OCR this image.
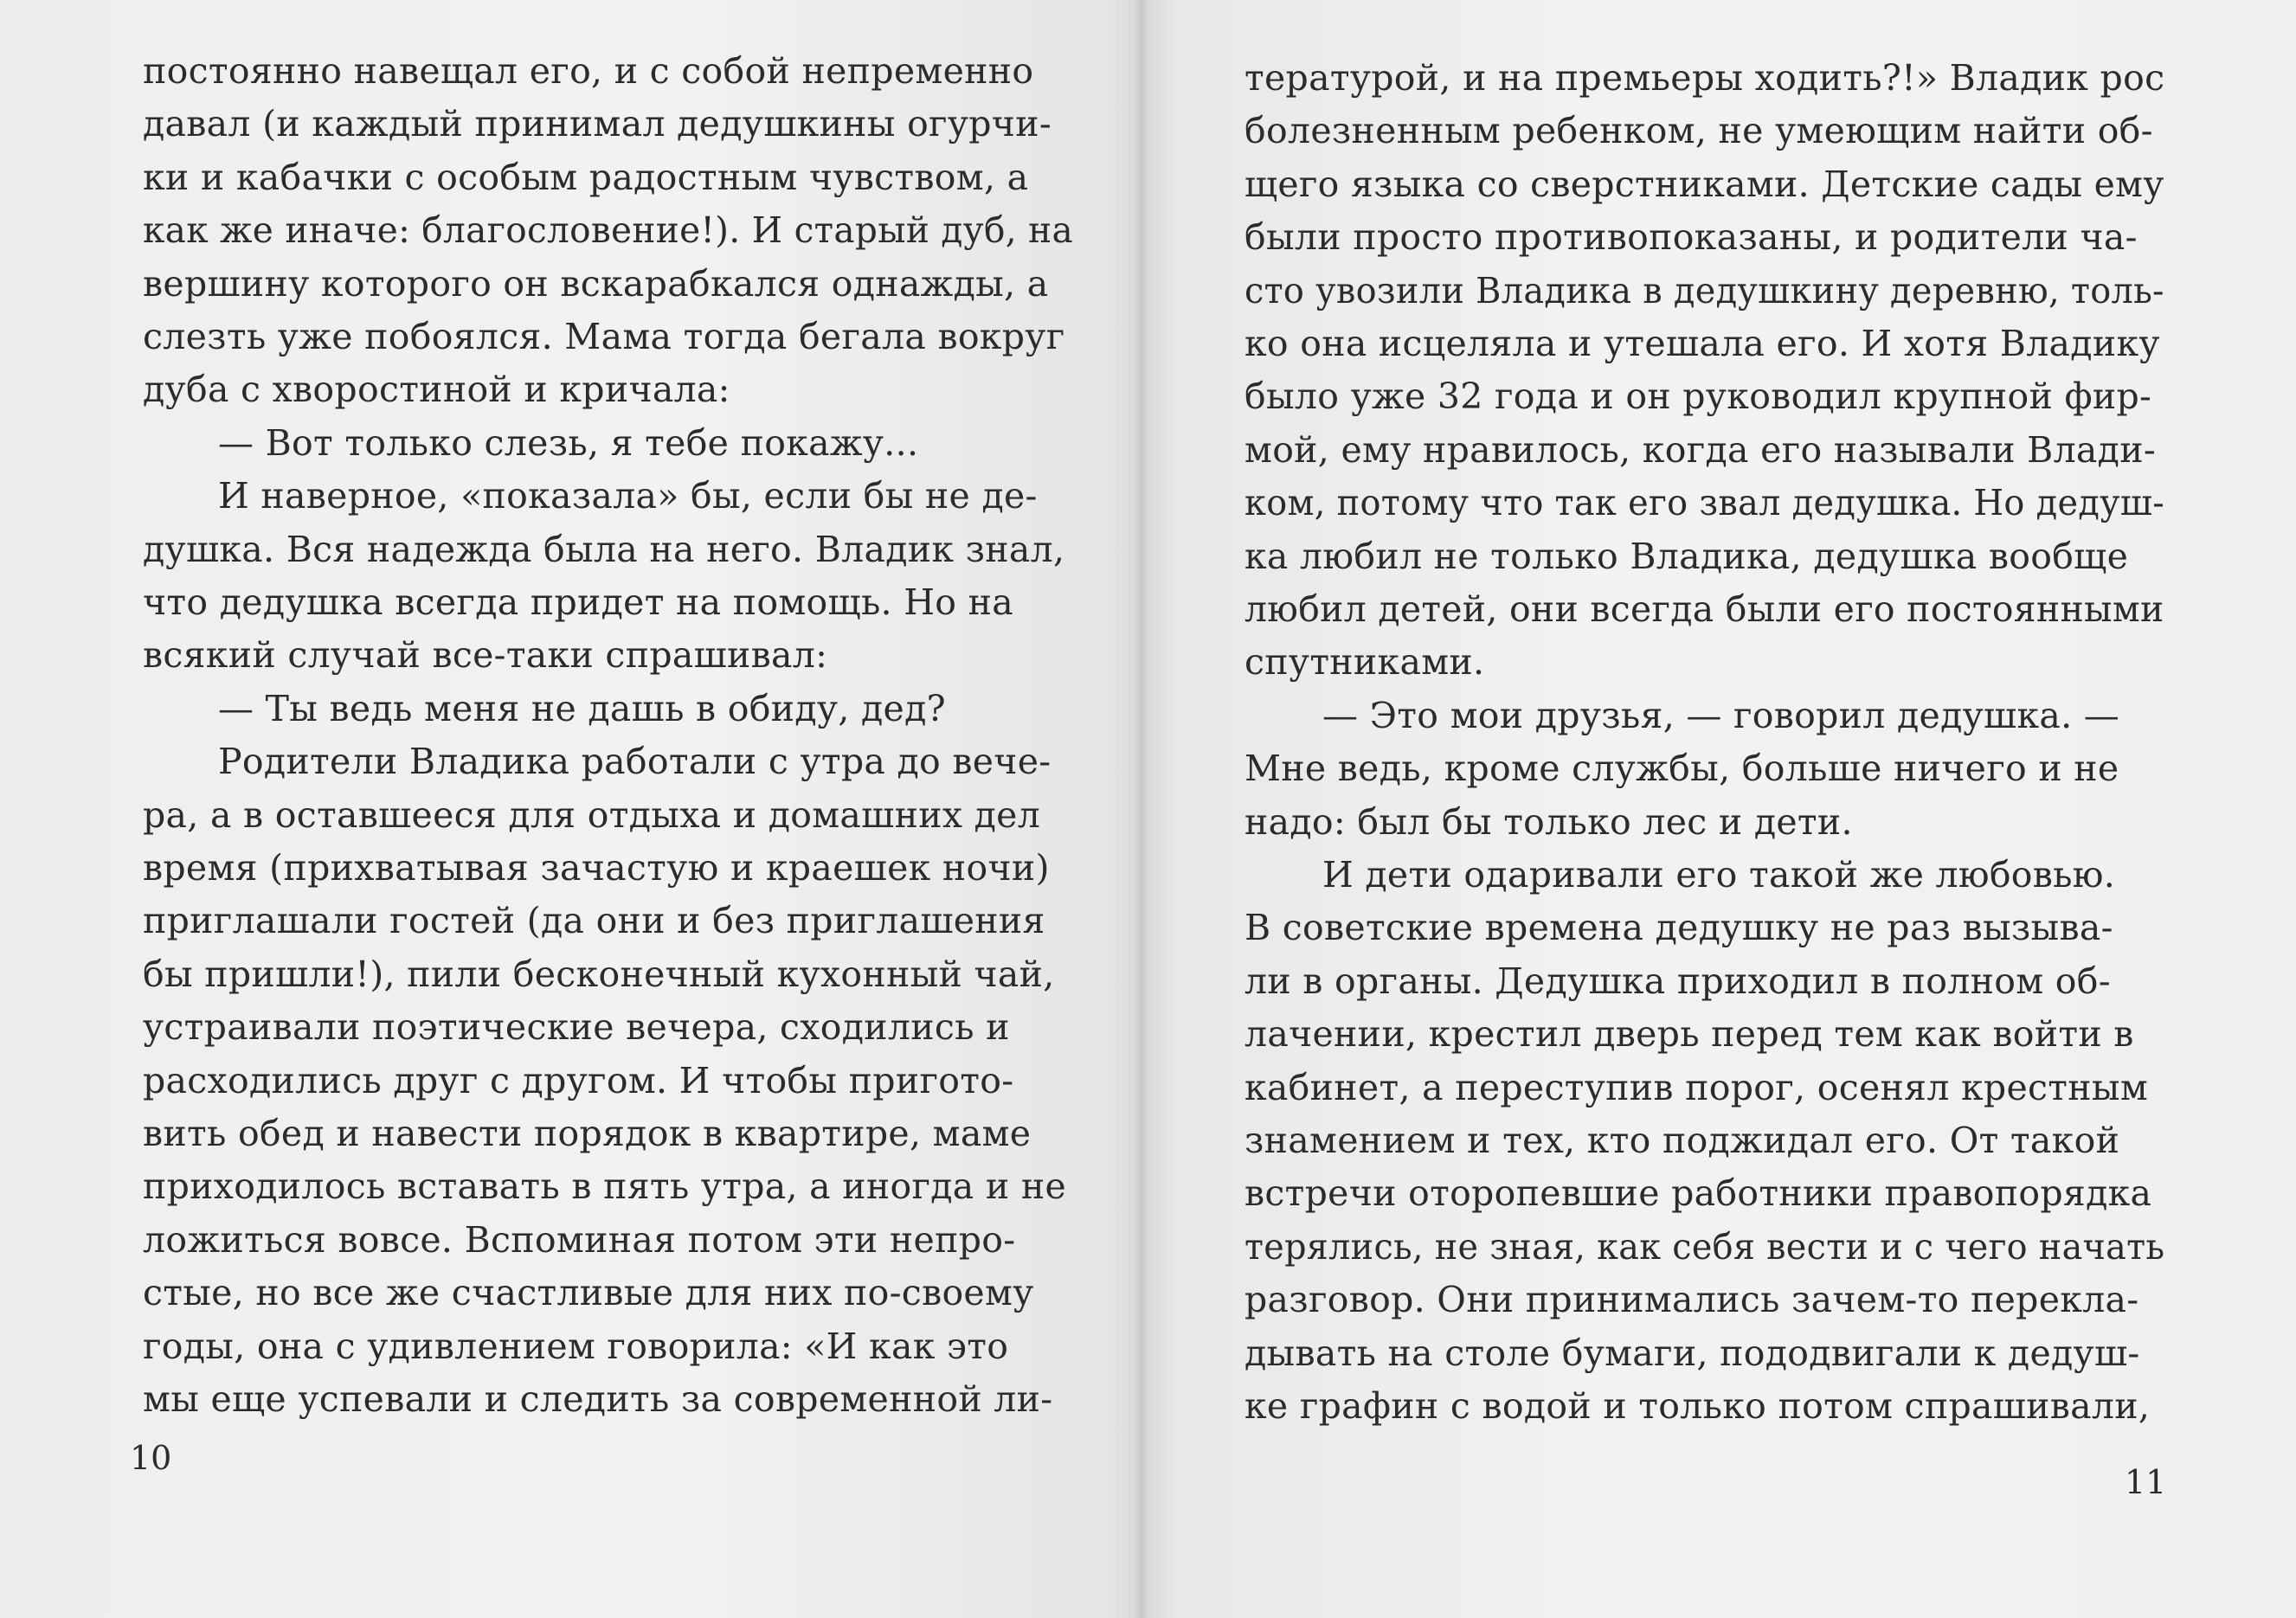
постоянно навещал его, и с собой непременно

давал (и каждый принимал дедушкины огурчи-

ки и кабачки с особым радостным чувством, а

как же иначе: благословение!). И старый дуб, на

вершину которого он вскарабкался однажды, а

слезть уже побоялся. Мама тогда бегала вокруг

дуба с хворостиной и кричала:

— Вот только слезь, я тебе покажу...

И наверное, «показала» бы, если бы не де-

душка. Вся надежда была на него. Владик знал,

что дедушка всегда придет на помощь. Но на

всякий случай все-таки спрашивал:

— Ты ведь меня не дашь в обиду, дед?

Родители Владика работали с утра до вече-

ра, а в оставшееся для отдыха и домашних дел

время (прихватывая зачастую и краешек ночи)

приглашали гостей (да они и без приглашения

бы пришли!), пили бесконечный кухонный чай,

устраивали поэтические вечера, сходились и

расходились друг с другом. И чтобы пригото-

вить обед и навести порядок в квартире, маме

приходилось вставать в пять утра, а иногда и не

ложиться вовсе. Вспоминая потом эти непро-

стые, но все же счастливые для них по-своему

годы, она с удивлением говорила: «И как это

мы еще успевали и следить за современной ли-

10

тературой, и на премьеры ходить?!» Владик рос

болезненным ребенком, не умеющим найти об-

щего языка со сверстниками. Детские сады ему

были просто противопоказаны, и родители ча-

сто увозили Владика в дедушкину деревню, толь-

ко она исцеляла и утешала его. И хотя Владику

было уже 32 года и он руководил крупной фир-

мой, ему нравилось, когда его называли Влади-

ком, потому что так его звал дедушка. Но дедуш-

ка любил не только Владика, дедушка вообще

любил детей, они всегда были его постоянными

спутниками.

— Это мои друзья, — говорил дедушка. —

Мне ведь, кроме службы, больше ничего и не

надо: был бы только лес и дети.

И дети одаривали его такой же любовью.

В советские времена дедушку не раз вызыва-

ли в органы. Дедушка приходил в полном об-

лачении, крестил дверь перед тем как войти в

кабинет, а переступив порог, осенял крестным

знамением и тех, кто поджидал его. От такой

встречи оторопевшие работники правопорядка

терялись, не зная, как себя вести и с чего начать

разговор. Они принимались зачем-то перекла-

дывать на столе бумаги, пододвигали к дедуш-

ке графин с водой и только потом спрашивали,

11
